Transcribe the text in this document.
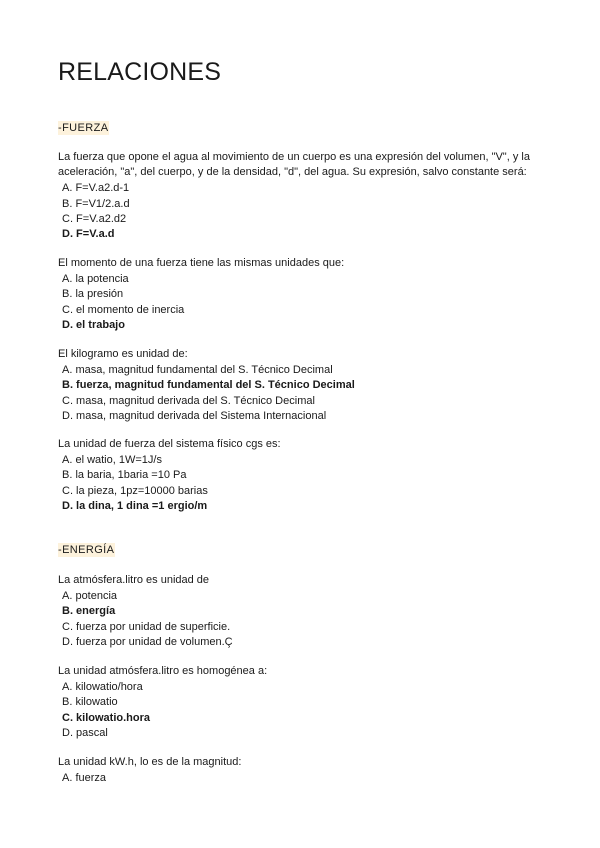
RELACIONES
-FUERZA

La fuerza que opone el agua al movimiento de un cuerpo es una expresión del volumen, "V", y la aceleración, "a", del cuerpo, y de la densidad, "d", del agua. Su expresión, salvo constante será:

A. F=V.a2.d-1
B. F=V1/2.a.d
C. F=V.a2.d2
D. F=V.a.d

El momento de una fuerza tiene las mismas unidades que:

A. la potencia
B. la presión
C. el momento de inercia
D. el trabajo

El kilogramo es unidad de:

A. masa, magnitud fundamental del S. Técnico Decimal
B. fuerza, magnitud fundamental del S. Técnico Decimal
C. masa, magnitud derivada del S. Técnico Decimal
D. masa, magnitud derivada del Sistema Internacional

La unidad de fuerza del sistema físico cgs es:

A. el watio, 1W=1J/s
B. la baria, 1baria =10 Pa
C. la pieza, 1pz=10000 barias
D. la dina, 1 dina =1 ergio/m
-ENERGÍA

La atmósfera.litro es unidad de

A. potencia
B. energía
C. fuerza por unidad de superficie.
D. fuerza por unidad de volumen.Ç

La unidad atmósfera.litro es homogénea a:

A. kilowatio/hora
B. kilowatio
C. kilowatio.hora
D. pascal

La unidad kW.h, lo es de la magnitud:

A. fuerza
